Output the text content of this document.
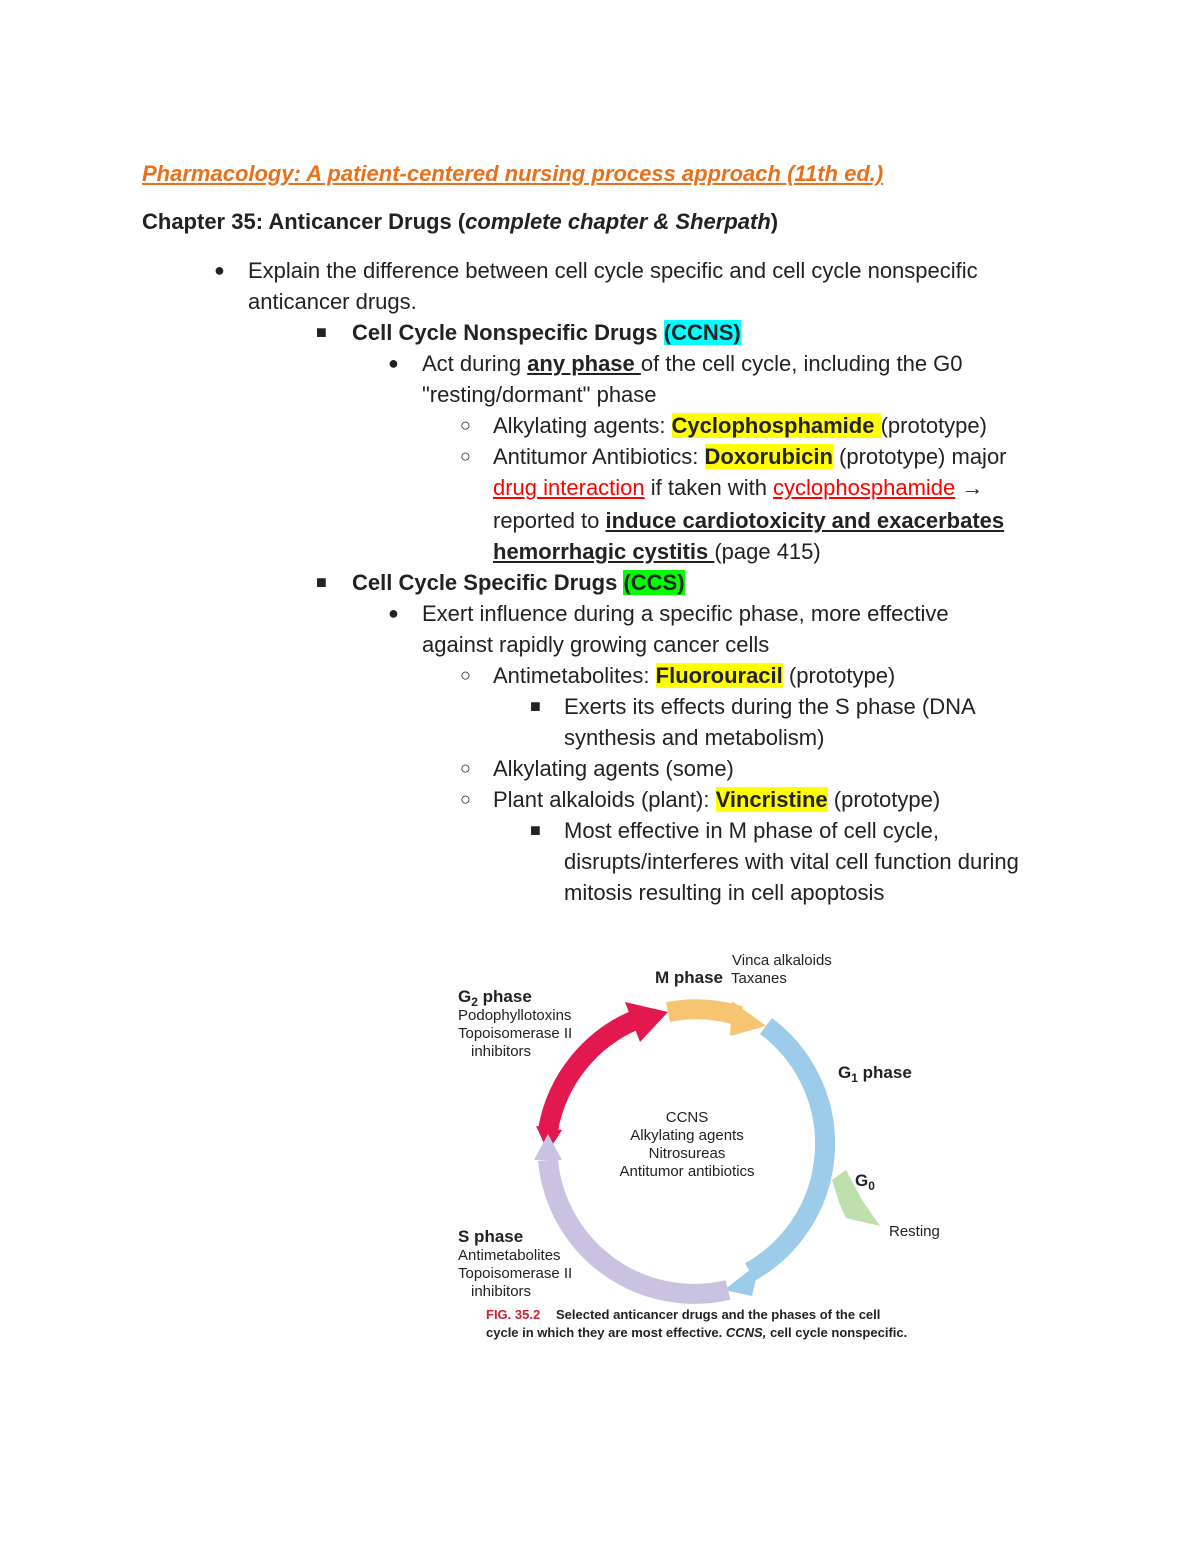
Pharmacology: A patient-centered nursing process approach (11th ed.)
Chapter 35: Anticancer Drugs (complete chapter & Sherpath)
● Explain the difference between cell cycle specific and cell cycle nonspecific
anticancer drugs.
■ Cell Cycle Nonspecific Drugs (CCNS)
● Act during any phase of the cell cycle, including the G0
"resting/dormant" phase
○ Alkylating agents: Cyclophosphamide (prototype)
○ Antitumor Antibiotics: Doxorubicin (prototype) major
drug interaction if taken with cyclophosphamide →
reported to induce cardiotoxicity and exacerbates
hemorrhagic cystitis (page 415)
■ Cell Cycle Specific Drugs (CCS)
● Exert influence during a specific phase, more effective
against rapidly growing cancer cells
○ Antimetabolites: Fluorouracil (prototype)
■ Exerts its effects during the S phase (DNA
synthesis and metabolism)
○ Alkylating agents (some)
○ Plant alkaloids (plant): Vincristine (prototype)
■ Most effective in M phase of cell cycle,
disrupts/interferes with vital cell function during
mitosis resulting in cell apoptosis
M phase
Vinca alkaloids
Taxanes
$G_2$ phase
Podophyllotoxins
Topoisomerase II
inhibitors
$G_1$ phase
$G_0$
Resting
S phase
Antimetabolites
Topoisomerase II
inhibitors
CCNS
Alkylating agents
Nitrosureas
Antitumor antibiotics
FIG. 35.2 Selected anticancer drugs and the phases of the cell
cycle in which they are most effective. CCNS, cell cycle nonspecific.
